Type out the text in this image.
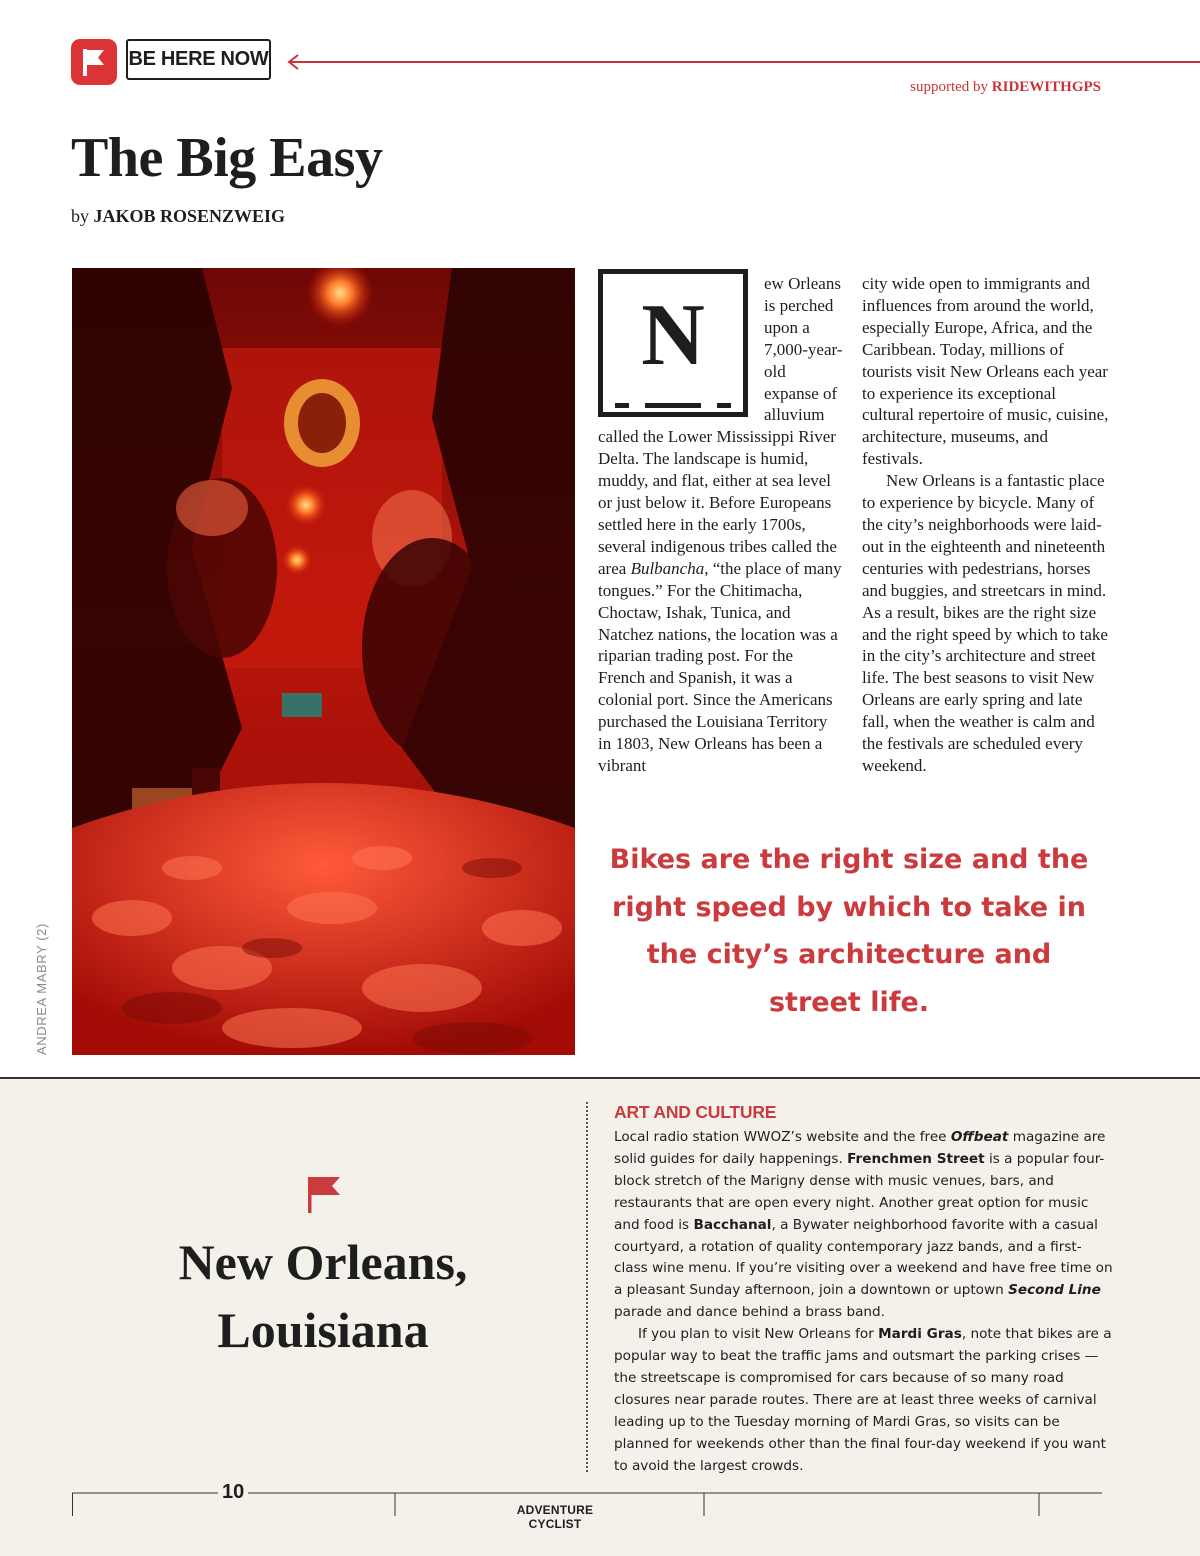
BE HERE NOW
supported by RIDEWITHGPS
The Big Easy
by JAKOB ROSENZWEIG
ANDREA MABRY (2)
N

ew Orleans is perched upon a 7,000-year-old expanse of alluvium called the Lower Mississippi River Delta. The landscape is humid, muddy, and flat, either at sea level or just below it. Before Europeans settled here in the early 1700s, several indigenous tribes called the area Bulbancha, “the place of many tongues.” For the Chitimacha, Choctaw, Ishak, Tunica, and Natchez nations, the location was a riparian trading post. For the French and Spanish, it was a colonial port. Since the Americans purchased the Louisiana Territory in 1803, New Orleans has been a vibrant

city wide open to immigrants and influences from around the world, especially Europe, Africa, and the Caribbean. Today, millions of tourists visit New Orleans each year to experience its exceptional cultural repertoire of music, cuisine, architecture, museums, and festivals.

New Orleans is a fantastic place to experience by bicycle. Many of the city’s neighborhoods were laid-out in the eighteenth and nineteenth centuries with pedestrians, horses and buggies, and streetcars in mind. As a result, bikes are the right size and the right speed by which to take in the city’s architecture and street life. The best seasons to visit New Orleans are early spring and late fall, when the weather is calm and the festivals are scheduled every weekend.

Bikes are the right size and the right speed by which to take in the city’s architecture and street life.

New Orleans,
Louisiana
ART AND CULTURE

Local radio station WWOZ’s website and the free Offbeat magazine are solid guides for daily happenings. Frenchmen Street is a popular four-block stretch of the Marigny dense with music venues, bars, and restaurants that are open every night. Another great option for music and food is Bacchanal, a Bywater neighborhood favorite with a casual courtyard, a rotation of quality contemporary jazz bands, and a first-class wine menu. If you’re visiting over a weekend and have free time on a pleasant Sunday afternoon, join a downtown or uptown Second Line parade and dance behind a brass band.

If you plan to visit New Orleans for Mardi Gras, note that bikes are a popular way to beat the traffic jams and outsmart the parking crises — the streetscape is compromised for cars because of so many road closures near parade routes. There are at least three weeks of carnival leading up to the Tuesday morning of Mardi Gras, so visits can be planned for weekends other than the final four-day weekend if you want to avoid the largest crowds.

10
ADVENTURE CYCLIST
